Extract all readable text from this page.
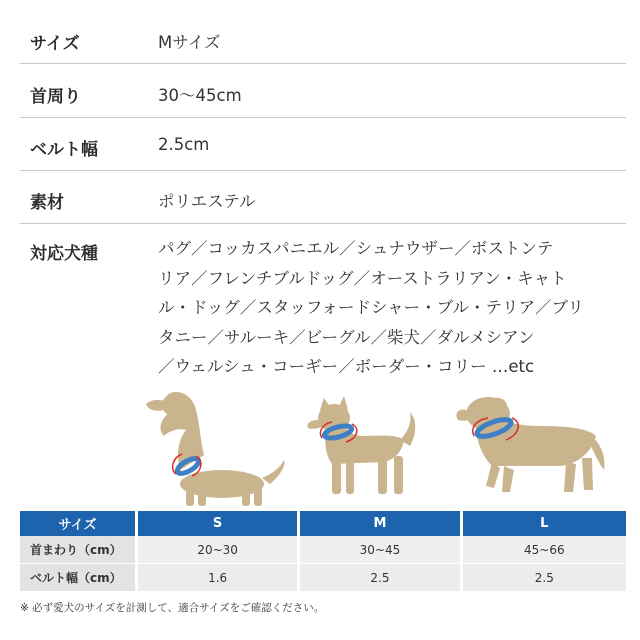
サイズ	Mサイズ
首周り	30〜45cm
ベルト幅	2.5cm
素材	ポリエステル
対応犬種	パグ／コッカスパニエル／シュナウザー／ボストンテ
リア／フレンチブルドッグ／オーストラリアン・キャト
ル・ドッグ／スタッフォードシャー・ブル・テリア／ブリ
タニー／サルーキ／ビーグル／柴犬／ダルメシアン
／ウェルシュ・コーギー／ボーダー・コリー …etc
サイズ		S		M		L
首まわり（cm）		20~30		30~45		45~66
ベルト幅（cm）		1.6		2.5		2.5
※ 必ず愛犬のサイズを計測して、適合サイズをご確認ください。
